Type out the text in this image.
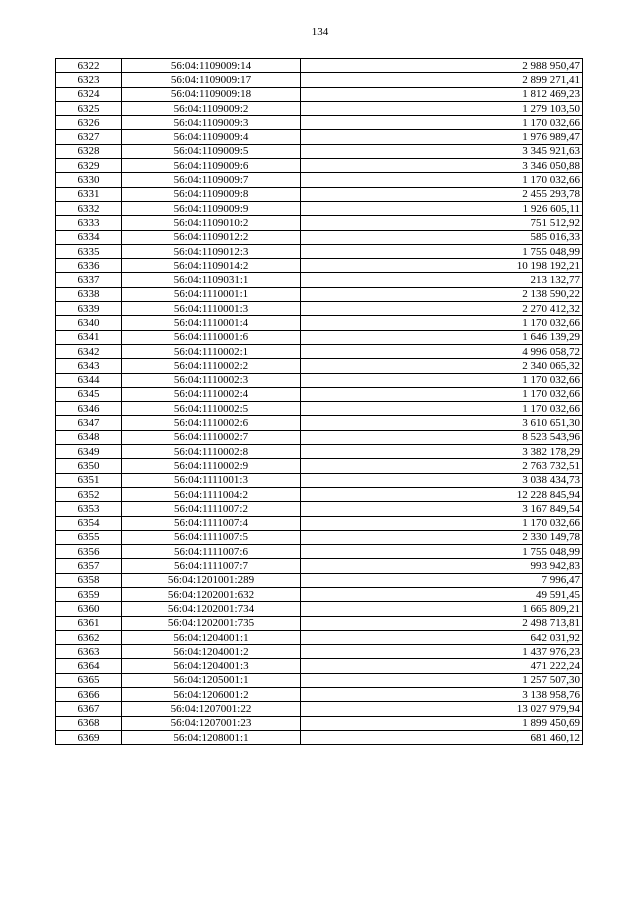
134
6322	56:04:1109009:14	2 988 950,47
6323	56:04:1109009:17	2 899 271,41
6324	56:04:1109009:18	1 812 469,23
6325	56:04:1109009:2	1 279 103,50
6326	56:04:1109009:3	1 170 032,66
6327	56:04:1109009:4	1 976 989,47
6328	56:04:1109009:5	3 345 921,63
6329	56:04:1109009:6	3 346 050,88
6330	56:04:1109009:7	1 170 032,66
6331	56:04:1109009:8	2 455 293,78
6332	56:04:1109009:9	1 926 605,11
6333	56:04:1109010:2	751 512,92
6334	56:04:1109012:2	585 016,33
6335	56:04:1109012:3	1 755 048,99
6336	56:04:1109014:2	10 198 192,21
6337	56:04:1109031:1	213 132,77
6338	56:04:1110001:1	2 138 590,22
6339	56:04:1110001:3	2 270 412,32
6340	56:04:1110001:4	1 170 032,66
6341	56:04:1110001:6	1 646 139,29
6342	56:04:1110002:1	4 996 058,72
6343	56:04:1110002:2	2 340 065,32
6344	56:04:1110002:3	1 170 032,66
6345	56:04:1110002:4	1 170 032,66
6346	56:04:1110002:5	1 170 032,66
6347	56:04:1110002:6	3 610 651,30
6348	56:04:1110002:7	8 523 543,96
6349	56:04:1110002:8	3 382 178,29
6350	56:04:1110002:9	2 763 732,51
6351	56:04:1111001:3	3 038 434,73
6352	56:04:1111004:2	12 228 845,94
6353	56:04:1111007:2	3 167 849,54
6354	56:04:1111007:4	1 170 032,66
6355	56:04:1111007:5	2 330 149,78
6356	56:04:1111007:6	1 755 048,99
6357	56:04:1111007:7	993 942,83
6358	56:04:1201001:289	7 996,47
6359	56:04:1202001:632	49 591,45
6360	56:04:1202001:734	1 665 809,21
6361	56:04:1202001:735	2 498 713,81
6362	56:04:1204001:1	642 031,92
6363	56:04:1204001:2	1 437 976,23
6364	56:04:1204001:3	471 222,24
6365	56:04:1205001:1	1 257 507,30
6366	56:04:1206001:2	3 138 958,76
6367	56:04:1207001:22	13 027 979,94
6368	56:04:1207001:23	1 899 450,69
6369	56:04:1208001:1	681 460,12
